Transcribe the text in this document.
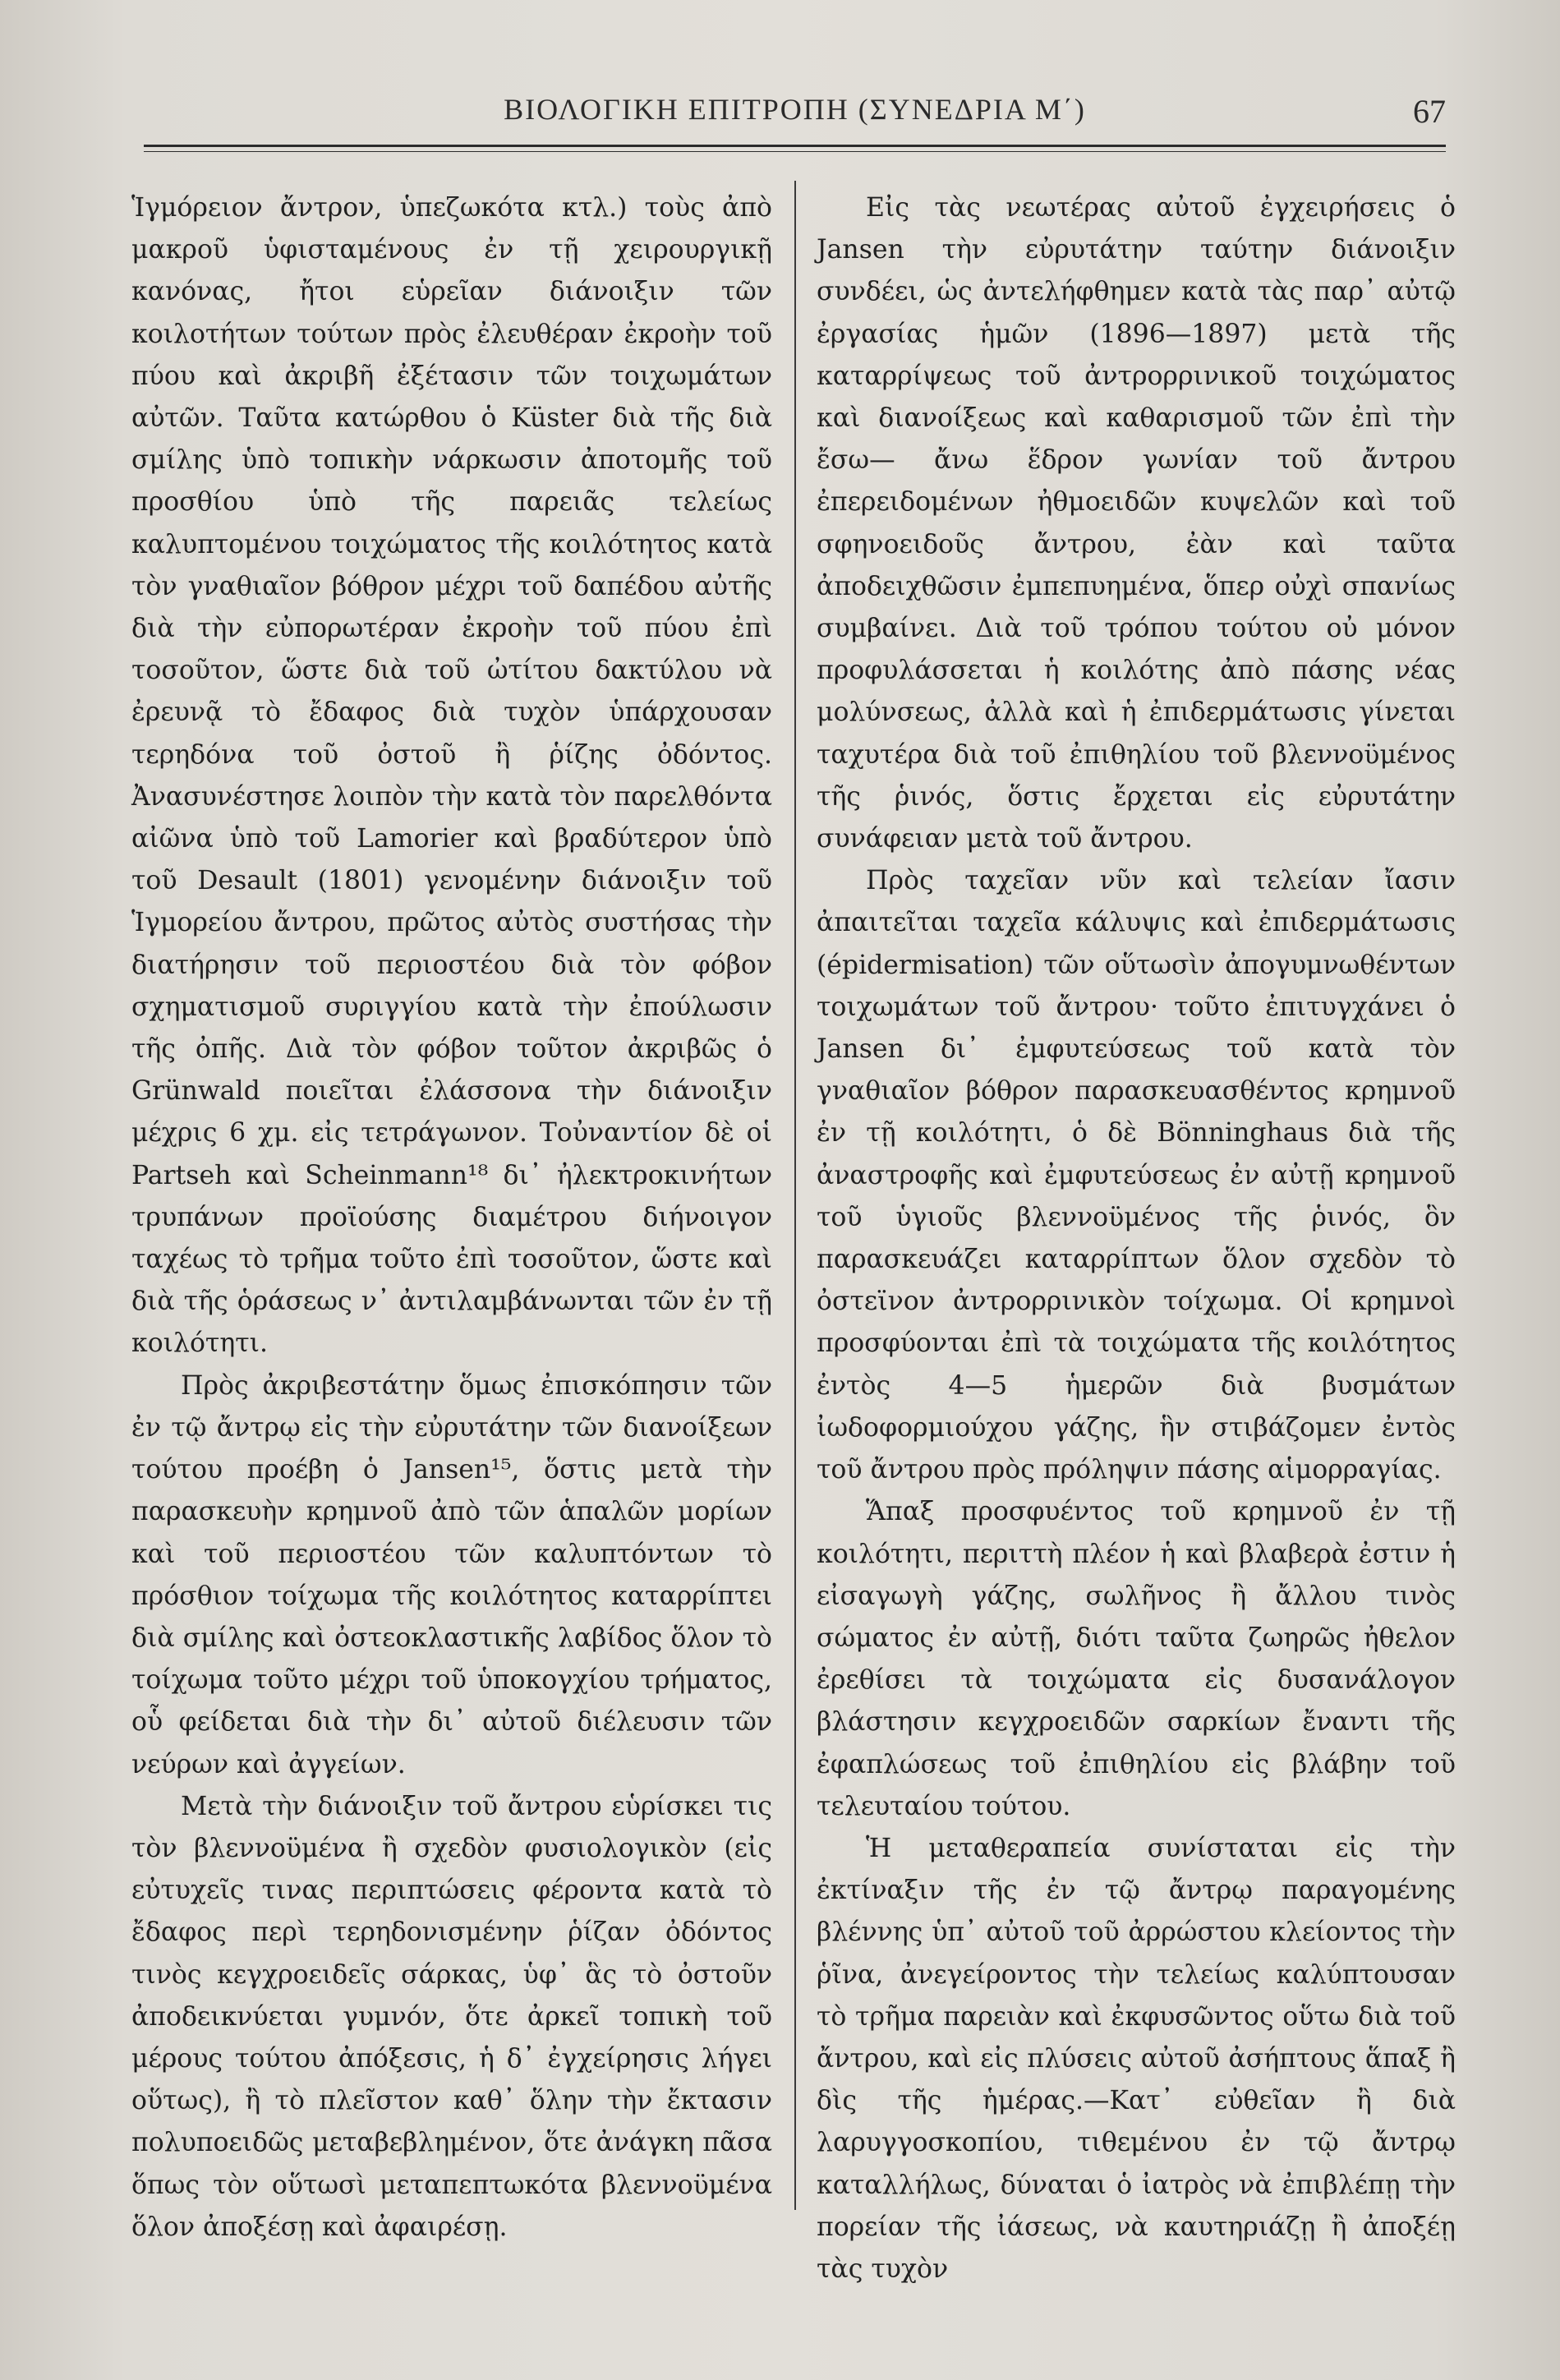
ΒΙΟΛΟΓΙΚΗ ΕΠΙΤΡΟΠΗ (ΣΥΝΕΔΡΙΑ Μ΄)	67

Ἱγμόρειον ἄντρον, ὑπεζωκότα κτλ.) τοὺς ἀπὸ μακροῦ ὑφισταμένους ἐν τῇ χειρουργικῇ κανόνας, ἤτοι εὑρεῖαν διάνοιξιν τῶν κοιλοτήτων τούτων πρὸς ἐλευθέραν ἐκροὴν τοῦ πύου καὶ ἀκριβῆ ἐξέτασιν τῶν τοιχωμάτων αὐτῶν. Ταῦτα κατώρθου ὁ Küster διὰ τῆς διὰ σμίλης ὑπὸ τοπικὴν νάρκωσιν ἀποτομῆς τοῦ προσθίου ὑπὸ τῆς παρειᾶς τελείως καλυπτομένου τοιχώματος τῆς κοιλότητος κατὰ τὸν γναθιαῖον βόθρον μέχρι τοῦ δαπέδου αὐτῆς διὰ τὴν εὐπορωτέραν ἐκροὴν τοῦ πύου ἐπὶ τοσοῦτον, ὥστε διὰ τοῦ ὠτίτου δακτύλου νὰ ἐρευνᾷ τὸ ἔδαφος διὰ τυχὸν ὑπάρχουσαν τερηδόνα τοῦ ὀστοῦ ἢ ῥίζης ὀδόντος. Ἀνασυνέστησε λοιπὸν τὴν κατὰ τὸν παρελθόντα αἰῶνα ὑπὸ τοῦ Lamorier καὶ βραδύτερον ὑπὸ τοῦ Desault (1801) γενομένην διάνοιξιν τοῦ Ἱγμορείου ἄντρου, πρῶτος αὐτὸς συστήσας τὴν διατήρησιν τοῦ περιοστέου διὰ τὸν φόβον σχηματισμοῦ συριγγίου κατὰ τὴν ἐπούλωσιν τῆς ὀπῆς. Διὰ τὸν φόβον τοῦτον ἀκριβῶς ὁ Grünwald ποιεῖται ἐλάσσονα τὴν διάνοιξιν μέχρις 6 χμ. εἰς τετράγωνον. Τοὐναντίον δὲ οἱ Partseh καὶ Scheinmann¹⁸ δι᾽ ἠλεκτροκινήτων τρυπάνων προϊούσης διαμέτρου διήνοιγον ταχέως τὸ τρῆμα τοῦτο ἐπὶ τοσοῦτον, ὥστε καὶ διὰ τῆς ὁράσεως ν᾽ ἀντιλαμβάνωνται τῶν ἐν τῇ κοιλότητι.

Πρὸς ἀκριβεστάτην ὅμως ἐπισκόπησιν τῶν ἐν τῷ ἄντρῳ εἰς τὴν εὐρυτάτην τῶν διανοίξεων τούτου προέβη ὁ Jansen¹⁵, ὅστις μετὰ τὴν παρασκευὴν κρημνοῦ ἀπὸ τῶν ἁπαλῶν μορίων καὶ τοῦ περιοστέου τῶν καλυπτόντων τὸ πρόσθιον τοίχωμα τῆς κοιλότητος καταρρίπτει διὰ σμίλης καὶ ὀστεοκλαστικῆς λαβίδος ὅλον τὸ τοίχωμα τοῦτο μέχρι τοῦ ὑποκογχίου τρήματος, οὗ φείδεται διὰ τὴν δι᾽ αὐτοῦ διέλευσιν τῶν νεύρων καὶ ἀγγείων.

Μετὰ τὴν διάνοιξιν τοῦ ἄντρου εὑρίσκει τις τὸν βλεννοϋμένα ἢ σχεδὸν φυσιολογικὸν (εἰς εὐτυχεῖς τινας περιπτώσεις φέροντα κατὰ τὸ ἔδαφος περὶ τερηδονισμένην ῥίζαν ὀδόντος τινὸς κεγχροειδεῖς σάρκας, ὑφ᾽ ἃς τὸ ὀστοῦν ἀποδεικνύεται γυμνόν, ὅτε ἀρκεῖ τοπικὴ τοῦ μέρους τούτου ἀπόξεσις, ἡ δ᾽ ἐγχείρησις λήγει οὕτως), ἢ τὸ πλεῖστον καθ᾽ ὅλην τὴν ἔκτασιν πολυποειδῶς μεταβεβλημένον, ὅτε ἀνάγκη πᾶσα ὅπως τὸν οὕτωσὶ μεταπεπτωκότα βλεννοϋμένα ὅλον ἀποξέσῃ καὶ ἀφαιρέσῃ.

Εἰς τὰς νεωτέρας αὐτοῦ ἐγχειρήσεις ὁ Jansen τὴν εὐρυτάτην ταύτην διάνοιξιν συνδέει, ὡς ἀντελήφθημεν κατὰ τὰς παρ᾽ αὐτῷ ἐργασίας ἡμῶν (1896—1897) μετὰ τῆς καταρρίψεως τοῦ ἀντρορρινικοῦ τοιχώματος καὶ διανοίξεως καὶ καθαρισμοῦ τῶν ἐπὶ τὴν ἔσω— ἄνω ἕδρον γωνίαν τοῦ ἄντρου ἐπερειδομένων ἠθμοειδῶν κυψελῶν καὶ τοῦ σφηνοειδοῦς ἄντρου, ἐὰν καὶ ταῦτα ἀποδειχθῶσιν ἐμπεπυημένα, ὅπερ οὐχὶ σπανίως συμβαίνει. Διὰ τοῦ τρόπου τούτου οὐ μόνον προφυλάσσεται ἡ κοιλότης ἀπὸ πάσης νέας μολύνσεως, ἀλλὰ καὶ ἡ ἐπιδερμάτωσις γίνεται ταχυτέρα διὰ τοῦ ἐπιθηλίου τοῦ βλεννοϋμένος τῆς ῥινός, ὅστις ἔρχεται εἰς εὐρυτάτην συνάφειαν μετὰ τοῦ ἄντρου.

Πρὸς ταχεῖαν νῦν καὶ τελείαν ἴασιν ἀπαιτεῖται ταχεῖα κάλυψις καὶ ἐπιδερμάτωσις (épidermisation) τῶν οὕτωσὶν ἀπογυμνωθέντων τοιχωμάτων τοῦ ἄντρου· τοῦτο ἐπιτυγχάνει ὁ Jansen δι᾽ ἐμφυτεύσεως τοῦ κατὰ τὸν γναθιαῖον βόθρον παρασκευασθέντος κρημνοῦ ἐν τῇ κοιλότητι, ὁ δὲ Bönninghaus διὰ τῆς ἀναστροφῆς καὶ ἐμφυτεύσεως ἐν αὐτῇ κρημνοῦ τοῦ ὑγιοῦς βλεννοϋμένος τῆς ῥινός, ὃν παρασκευάζει καταρρίπτων ὅλον σχεδὸν τὸ ὀστεϊνον ἀντρορρινικὸν τοίχωμα. Οἱ κρημνοὶ προσφύονται ἐπὶ τὰ τοιχώματα τῆς κοιλότητος ἐντὸς 4—5 ἡμερῶν διὰ βυσμάτων ἰωδοφορμιούχου γάζης, ἣν στιβάζομεν ἐντὸς τοῦ ἄντρου πρὸς πρόληψιν πάσης αἱμορραγίας.

Ἅπαξ προσφυέντος τοῦ κρημνοῦ ἐν τῇ κοιλότητι, περιττὴ πλέον ἡ καὶ βλαβερὰ ἐστιν ἡ εἰσαγωγὴ γάζης, σωλῆνος ἢ ἄλλου τινὸς σώματος ἐν αὐτῇ, διότι ταῦτα ζωηρῶς ἠθελον ἐρεθίσει τὰ τοιχώματα εἰς δυσανάλογον βλάστησιν κεγχροειδῶν σαρκίων ἔναντι τῆς ἐφαπλώσεως τοῦ ἐπιθηλίου εἰς βλάβην τοῦ τελευταίου τούτου.

Ἡ μεταθεραπεία συνίσταται εἰς τὴν ἐκτίναξιν τῆς ἐν τῷ ἄντρῳ παραγομένης βλέννης ὑπ᾽ αὐτοῦ τοῦ ἀρρώστου κλείοντος τὴν ῥῖνα, ἀνεγείροντος τὴν τελείως καλύπτουσαν τὸ τρῆμα παρειὰν καὶ ἐκφυσῶντος οὕτω διὰ τοῦ ἄντρου, καὶ εἰς πλύσεις αὐτοῦ ἀσήπτους ἅπαξ ἢ δὶς τῆς ἡμέρας.—Κατ᾽ εὐθεῖαν ἢ διὰ λαρυγγοσκοπίου, τιθεμένου ἐν τῷ ἄντρῳ καταλλήλως, δύναται ὁ ἰατρὸς νὰ ἐπιβλέπῃ τὴν πορείαν τῆς ἰάσεως, νὰ καυτηριάζῃ ἢ ἀποξέῃ τὰς τυχὸν
